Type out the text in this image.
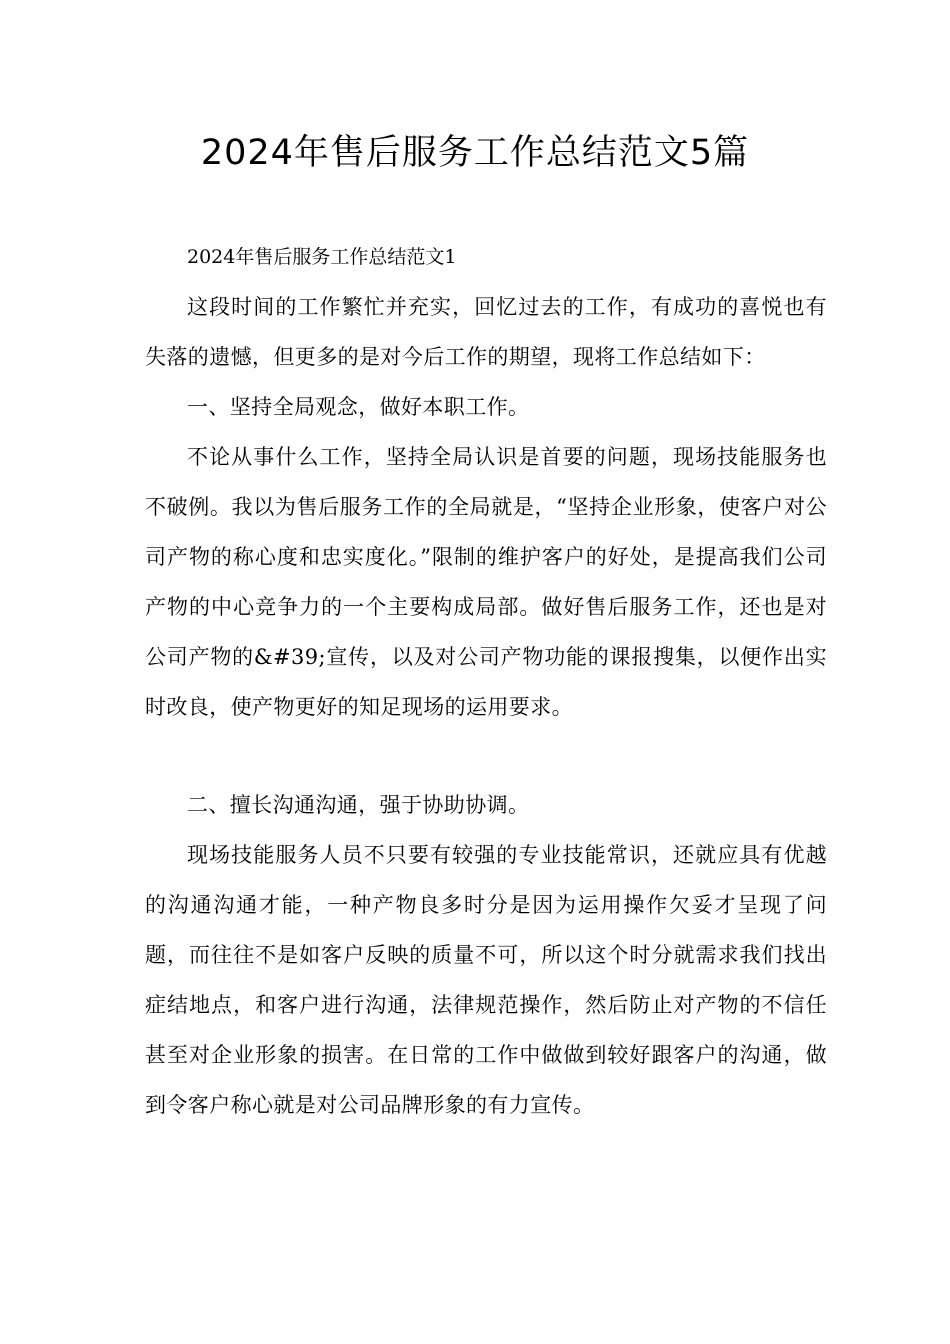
2024年售后服务工作总结范文5篇

2024年售后服务工作总结范文1

这段时间的工作繁忙并充实，回忆过去的工作，有成功的喜悦也有失落的遗憾，但更多的是对今后工作的期望，现将工作总结如下：

一、坚持全局观念，做好本职工作。

不论从事什么工作，坚持全局认识是首要的问题，现场技能服务也不破例。我以为售后服务工作的全局就是，“坚持企业形象，使客户对公司产物的称心度和忠实度化。”限制的维护客户的好处，是提高我们公司产物的中心竞争力的一个主要构成局部。做好售后服务工作，还也是对公司产物的&#39;宣传，以及对公司产物功能的课报搜集，以便作出实时改良，使产物更好的知足现场的运用要求。

二、擅长沟通沟通，强于协助协调。

现场技能服务人员不只要有较强的专业技能常识，还就应具有优越的沟通沟通才能，一种产物良多时分是因为运用操作欠妥才呈现了问题，而往往不是如客户反映的质量不可，所以这个时分就需求我们找出症结地点，和客户进行沟通，法律规范操作，然后防止对产物的不信任甚至对企业形象的损害。在日常的工作中做做到较好跟客户的沟通，做到令客户称心就是对公司品牌形象的有力宣传。
